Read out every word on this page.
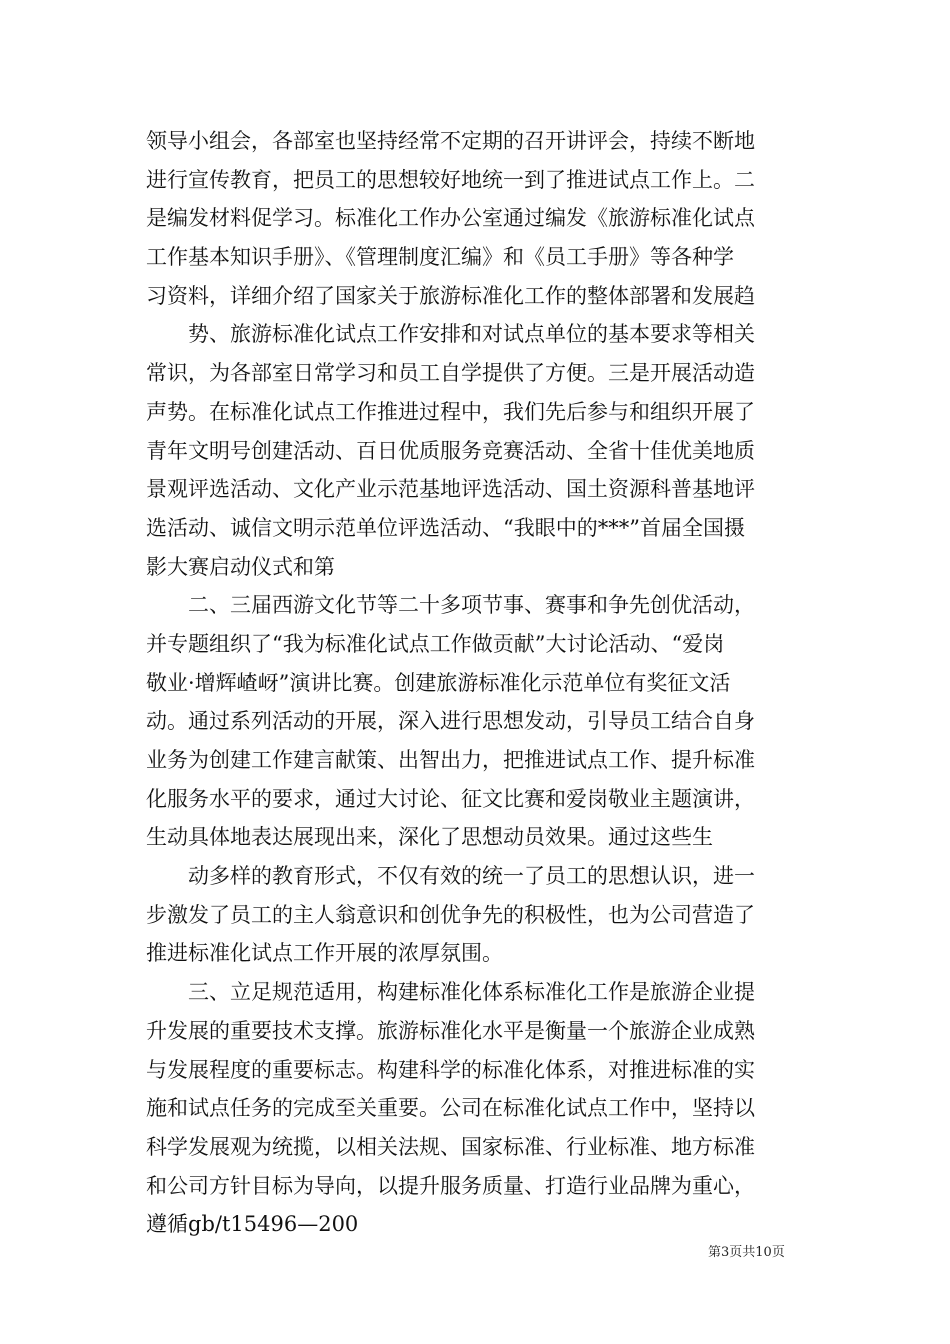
领导小组会，各部室也坚持经常不定期的召开讲评会，持续不断地
进行宣传教育，把员工的思想较好地统一到了推进试点工作上。二
是编发材料促学习。标准化工作办公室通过编发《旅游标准化试点
工作基本知识手册》、《管理制度汇编》和《员工手册》等各种学
习资料，详细介绍了国家关于旅游标准化工作的整体部署和发展趋
势、旅游标准化试点工作安排和对试点单位的基本要求等相关
常识，为各部室日常学习和员工自学提供了方便。三是开展活动造
声势。在标准化试点工作推进过程中，我们先后参与和组织开展了
青年文明号创建活动、百日优质服务竞赛活动、全省十佳优美地质
景观评选活动、文化产业示范基地评选活动、国土资源科普基地评
选活动、诚信文明示范单位评选活动、“我眼中的***”首届全国摄
影大赛启动仪式和第
二、三届西游文化节等二十多项节事、赛事和争先创优活动，
并专题组织了“我为标准化试点工作做贡献”大讨论活动、“爱岗
敬业·增辉嵖岈”演讲比赛。创建旅游标准化示范单位有奖征文活
动。通过系列活动的开展，深入进行思想发动，引导员工结合自身
业务为创建工作建言献策、出智出力，把推进试点工作、提升标准
化服务水平的要求，通过大讨论、征文比赛和爱岗敬业主题演讲，
生动具体地表达展现出来，深化了思想动员效果。通过这些生
动多样的教育形式，不仅有效的统一了员工的思想认识，进一
步激发了员工的主人翁意识和创优争先的积极性，也为公司营造了
推进标准化试点工作开展的浓厚氛围。
三、立足规范适用，构建标准化体系标准化工作是旅游企业提
升发展的重要技术支撑。旅游标准化水平是衡量一个旅游企业成熟
与发展程度的重要标志。构建科学的标准化体系，对推进标准的实
施和试点任务的完成至关重要。公司在标准化试点工作中，坚持以
科学发展观为统揽，以相关法规、国家标准、行业标准、地方标准
和公司方针目标为导向，以提升服务质量、打造行业品牌为重心，
遵循gb/t15496—200
第3页共10页
